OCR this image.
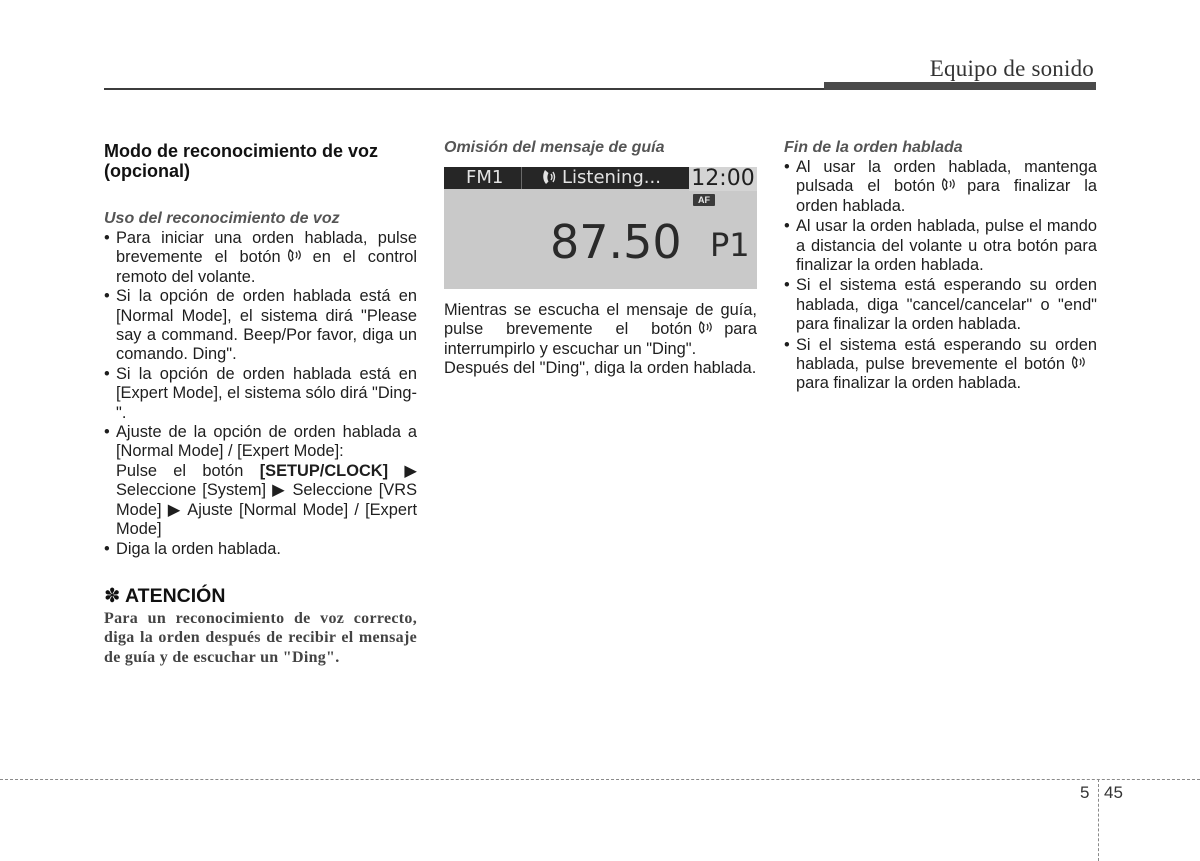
Equipo de sonido
Modo de reconocimiento de voz (opcional)
Uso del reconocimiento de voz
• Para iniciar una orden hablada, pulse brevemente el botón en el control remoto del volante.
• Si la opción de orden hablada está en [Normal Mode], el sistema dirá "Please say a command. Beep/Por favor, diga un comando. Ding".
• Si la opción de orden hablada está en [Expert Mode], el sistema sólo dirá "Ding-".
• Ajuste de la opción de orden hablada a [Normal Mode] / [Expert Mode]:
Pulse el botón [SETUP/CLOCK] ▶ Seleccione [System] ▶ Seleccione [VRS Mode] ▶ Ajuste [Normal Mode] / [Expert Mode]
• Diga la orden hablada.
✽ ATENCIÓN

Para un reconocimiento de voz correcto, diga la orden después de recibir el mensaje de guía y de escuchar un "Ding".

Omisión del mensaje de guía
FM1	Listening... 12:00
AF
87.50 P1

Mientras se escucha el mensaje de guía, pulse brevemente el botón para interrumpirlo y escuchar un "Ding".

Después del "Ding", diga la orden hablada.

Fin de la orden hablada
• Al usar la orden hablada, mantenga pulsada el botón para finalizar la orden hablada.
• Al usar la orden hablada, pulse el mando a distancia del volante u otra botón para finalizar la orden hablada.
• Si el sistema está esperando su orden hablada, diga "cancel/cancelar" o "end" para finalizar la orden hablada.
• Si el sistema está esperando su orden hablada, pulse brevemente el botónpara finalizar la orden hablada.
5 45
